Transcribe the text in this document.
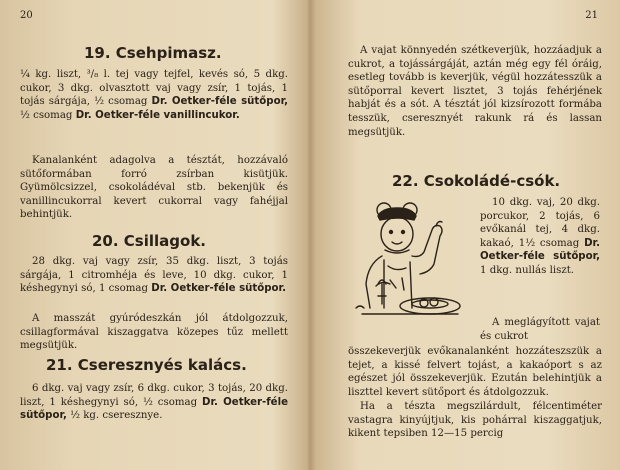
20
19. Csehpimasz.

¼ kg. liszt, ³/₈ l. tej vagy tejfel, kevés só, 5 dkg. cukor, 3 dkg. olvasztott vaj vagy zsír, 1 tojás, 1 tojás sárgája, ½ csomag Dr. Oetker-féle sütőpor, ½ csomag Dr. Oetker-féle vanillincukor.

Kanalanként adagolva a tésztát, hozzávaló sütőformában forró zsírban kisütjük. Gyümölcsizzel, csokoládéval stb. bekenjük és vanillincukorral kevert cukorral vagy fahéjjal behintjük.

20. Csillagok.

28 dkg. vaj vagy zsír, 35 dkg. liszt, 3 tojás sárgája, 1 citromhéja és leve, 10 dkg. cukor, 1 késhegynyi só, 1 csomag Dr. Oetker-féle sütőpor.

A masszát gyúródeszkán jól átdolgozzuk, csillagformával kiszaggatva közepes tűz mellett megsütjük.

21. Cseresznyés kalács.

6 dkg. vaj vagy zsír, 6 dkg. cukor, 3 tojás, 20 dkg. liszt, 1 késhegynyi só, ½ csomag Dr. Oetker-féle sütőpor, ½ kg. cseresznye.

21

A vajat könnyedén szétkeverjük, hozzáadjuk a cukrot, a tojássárgáját, aztán még egy fél óráig, esetleg tovább is keverjük, végül hozzátesszük a sütőporral kevert lisztet, 3 tojás fehérjének habját és a sót. A tésztát jól kizsírozott formába tesszük, cseresznyét rakunk rá és lassan megsütjük.

22. Csokoládé-csók.

10 dkg. vaj, 20 dkg. porcukor, 2 tojás, 6 evőkanál tej, 4 dkg. kakaó, 1½ csomag Dr. Oetker-féle sütőpor, 1 dkg. nullás liszt.

A meglágyított vajat és cukrot

összekeverjük evőkanalanként hozzáteszszük a tejet, a kissé felvert tojást, a kakaóport s az egészet jól összekeverjük. Ezután belehintjük a liszttel kevert sütőport és átdolgozzuk.

Ha a tészta megszilárdult, félcentiméter vastagra kinyújtjuk, kis pohárral kiszaggatjuk, kikent tepsiben 12—15 percig
